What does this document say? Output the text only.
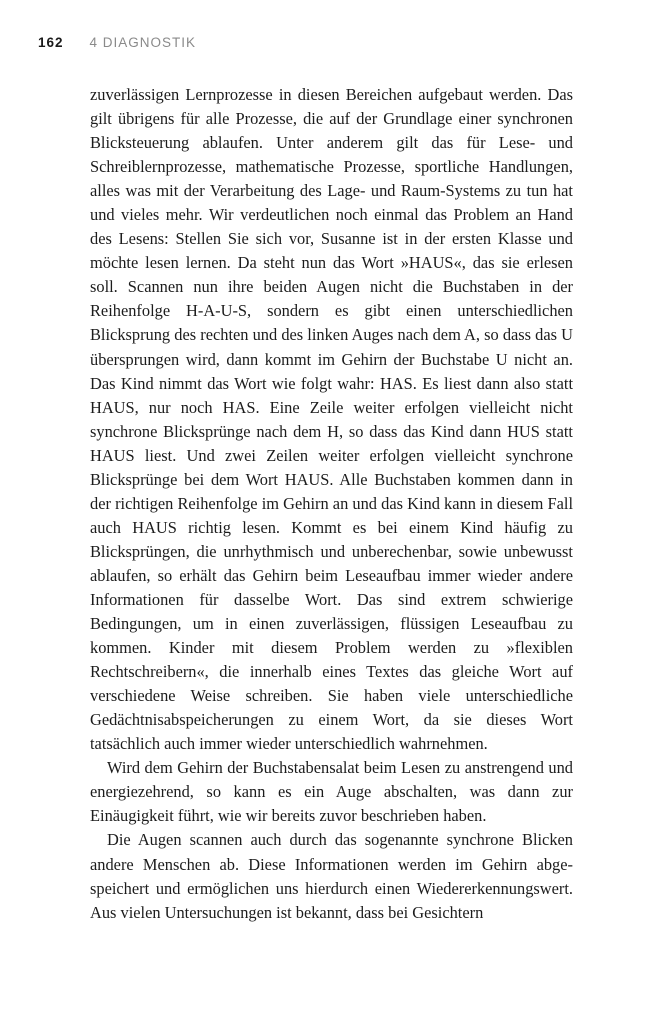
162 4 DIAGNOSTIK

zuverlässigen Lernprozesse in diesen Bereichen aufgebaut werden. Das gilt übrigens für alle Prozesse, die auf der Grundlage einer synchronen Blicksteuerung ablaufen. Unter anderem gilt das für Lese- und Schreiblernprozesse, mathematische Prozesse, sportliche Handlungen, alles was mit der Verarbeitung des Lage- und Raum-Systems zu tun hat und vieles mehr. Wir verdeutlichen noch einmal das Problem an Hand des Lesens: Stellen Sie sich vor, Susanne ist in der ersten Klasse und möchte lesen lernen. Da steht nun das Wort »HAUS«, das sie erlesen soll. Scannen nun ihre beiden Augen nicht die Buchstaben in der Reihenfolge H-A-U-S, sondern es gibt einen unterschiedlichen Blicksprung des rechten und des linken Auges nach dem A, so dass das U übersprungen wird, dann kommt im Gehirn der Buchstabe U nicht an. Das Kind nimmt das Wort wie folgt wahr: HAS. Es liest dann also statt HAUS, nur noch HAS. Eine Zeile weiter erfolgen vielleicht nicht synchrone Blicksprünge nach dem H, so dass das Kind dann HUS statt HAUS liest. Und zwei Zeilen weiter erfolgen vielleicht synchrone Blicksprünge bei dem Wort HAUS. Alle Buchstaben kommen dann in der richtigen Reihenfolge im Gehirn an und das Kind kann in diesem Fall auch HAUS richtig lesen. Kommt es bei einem Kind häufig zu Blicksprüngen, die unrhythmisch und unberechenbar, sowie unbewusst ablaufen, so erhält das Gehirn beim Leseaufbau immer wieder andere Informationen für dasselbe Wort. Das sind extrem schwierige Bedingungen, um in einen zuverlässigen, flüssigen Leseaufbau zu kommen. Kinder mit diesem Problem werden zu »flexiblen Rechtschreibern«, die innerhalb eines Textes das gleiche Wort auf verschiedene Weise schreiben. Sie haben viele unterschiedliche Gedächtnisabspeicherungen zu einem Wort, da sie dieses Wort tatsächlich auch immer wieder unterschiedlich wahrnehmen.

Wird dem Gehirn der Buchstabensalat beim Lesen zu anstrengend und energiezehrend, so kann es ein Auge abschalten, was dann zur Einäugigkeit führt, wie wir bereits zuvor beschrieben haben.

Die Augen scannen auch durch das sogenannte synchrone Blicken andere Menschen ab. Diese Informationen werden im Gehirn abgespeichert und ermöglichen uns hierdurch einen Wiedererkennungswert. Aus vielen Untersuchungen ist bekannt, dass bei Gesichtern
